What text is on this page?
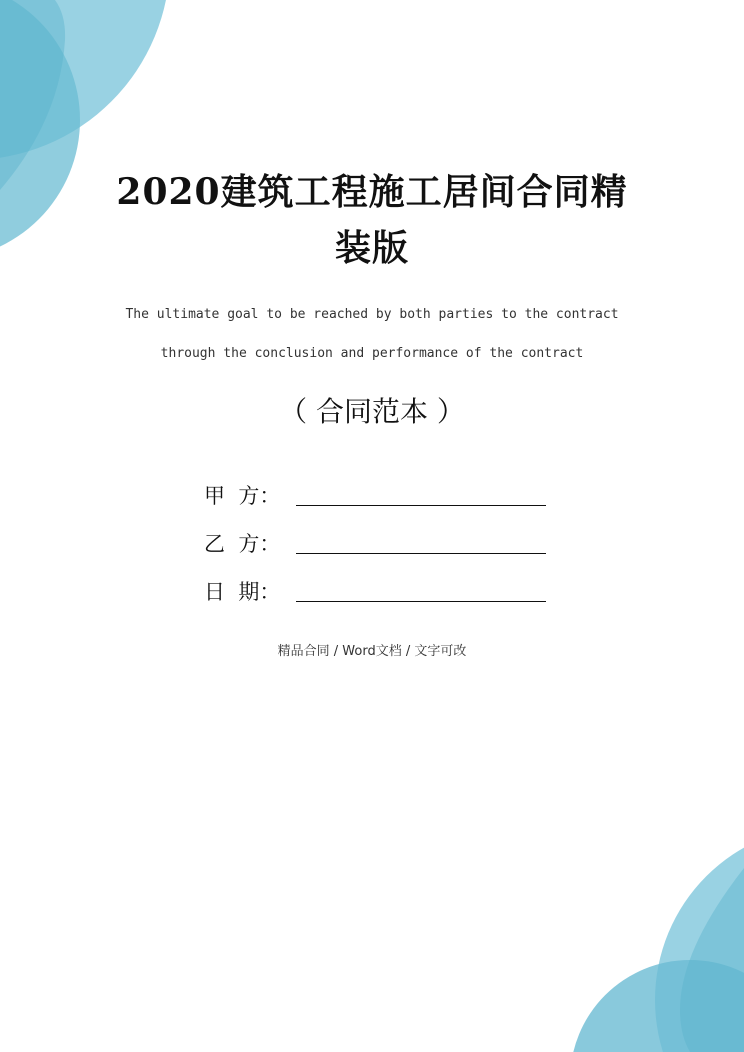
2020建筑工程施工居间合同精
装版
The ultimate goal to be reached by both parties to the contract
through the conclusion and performance of the contract
（ 合同范本 ）
甲  方：
乙  方：
日  期：
精品合同 / Word文档 / 文字可改
